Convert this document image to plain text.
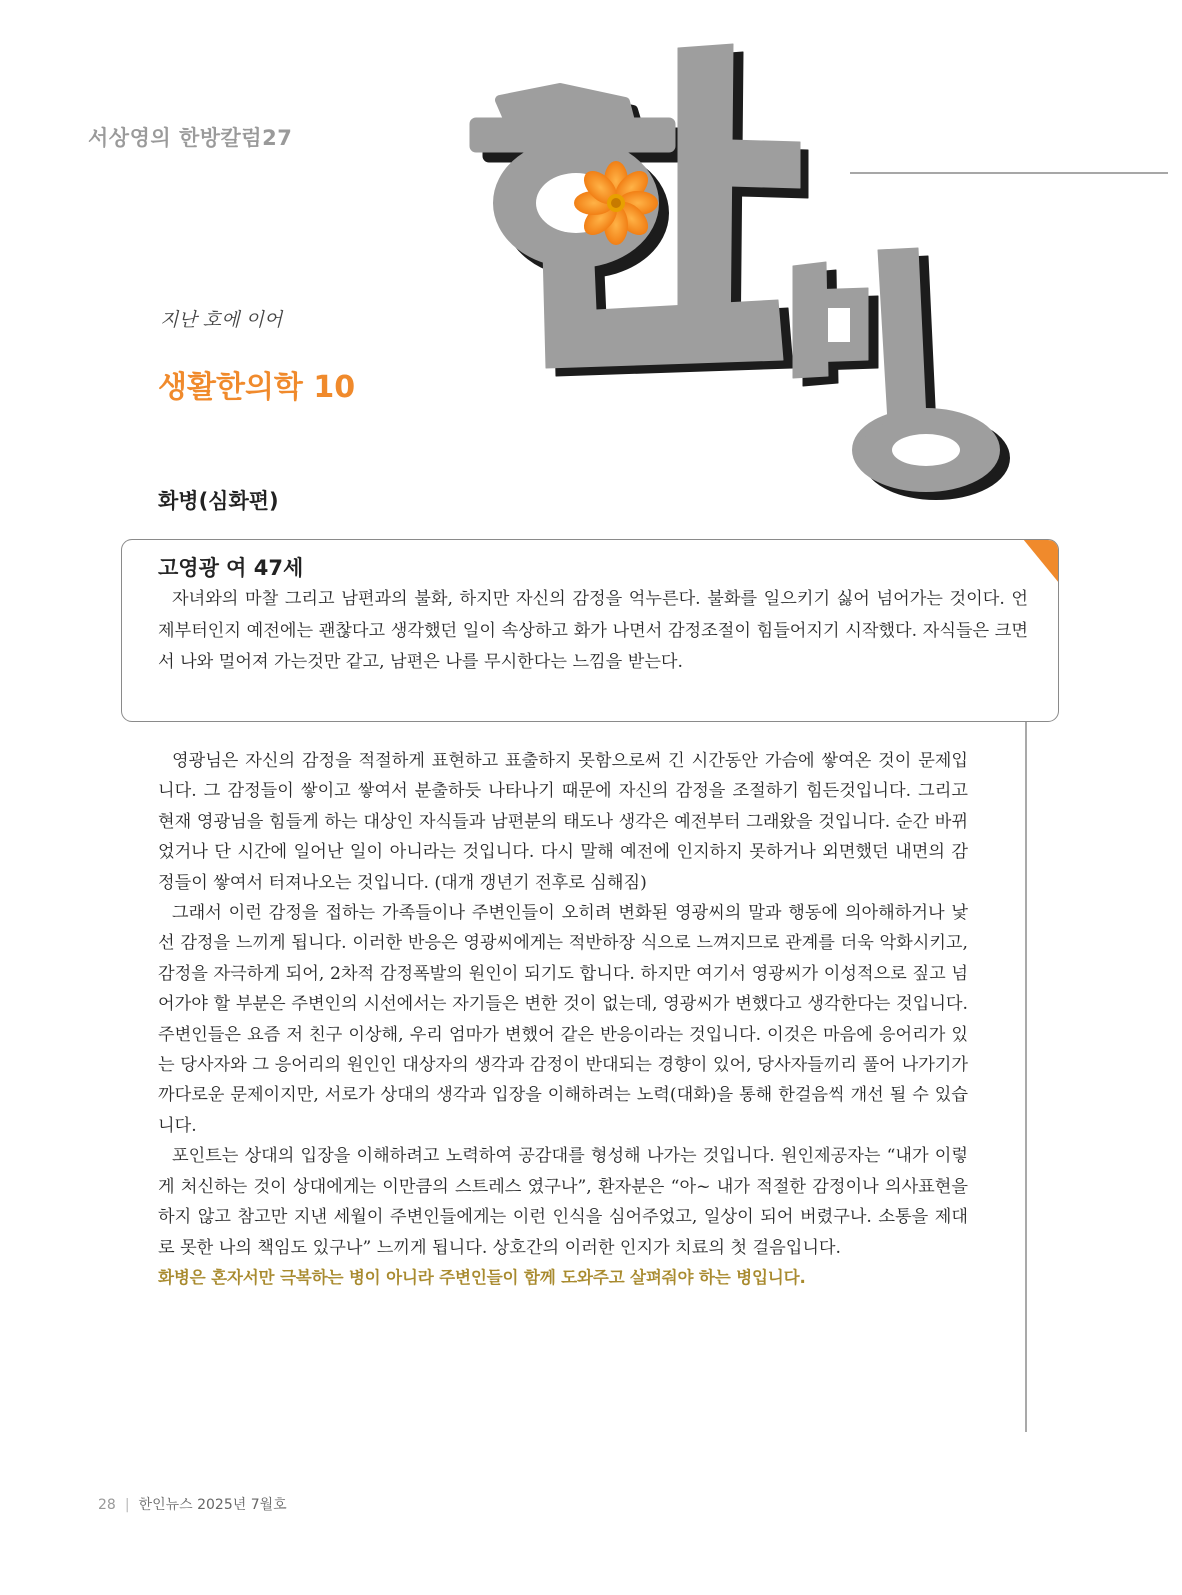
서상영의 한방칼럼27
지난 호에 이어
생활한의학 10
화병(심화편)
고영광 여 47세
자녀와의 마찰 그리고 남편과의 불화, 하지만 자신의 감정을 억누른다. 불화를 일으키기 싫어 넘어가는 것이다. 언제부터인지 예전에는 괜찮다고 생각했던 일이 속상하고 화가 나면서 감정조절이 힘들어지기 시작했다. 자식들은 크면서 나와 멀어져 가는것만 같고, 남편은 나를 무시한다는 느낌을 받는다.

영광님은 자신의 감정을 적절하게 표현하고 표출하지 못함으로써 긴 시간동안 가슴에 쌓여온 것이 문제입니다. 그 감정들이 쌓이고 쌓여서 분출하듯 나타나기 때문에 자신의 감정을 조절하기 힘든것입니다. 그리고 현재 영광님을 힘들게 하는 대상인 자식들과 남편분의 태도나 생각은 예전부터 그래왔을 것입니다. 순간 바뀌었거나 단 시간에 일어난 일이 아니라는 것입니다. 다시 말해 예전에 인지하지 못하거나 외면했던 내면의 감정들이 쌓여서 터져나오는 것입니다. (대개 갱년기 전후로 심해짐)

그래서 이런 감정을 접하는 가족들이나 주변인들이 오히려 변화된 영광씨의 말과 행동에 의아해하거나 낯선 감정을 느끼게 됩니다. 이러한 반응은 영광씨에게는 적반하장 식으로 느껴지므로 관계를 더욱 악화시키고, 감정을 자극하게 되어, 2차적 감정폭발의 원인이 되기도 합니다. 하지만 여기서 영광씨가 이성적으로 짚고 넘어가야 할 부분은 주변인의 시선에서는 자기들은 변한 것이 없는데, 영광씨가 변했다고 생각한다는 것입니다. 주변인들은 요즘 저 친구 이상해, 우리 엄마가 변했어 같은 반응이라는 것입니다. 이것은 마음에 응어리가 있는 당사자와 그 응어리의 원인인 대상자의 생각과 감정이 반대되는 경향이 있어, 당사자들끼리 풀어 나가기가 까다로운 문제이지만, 서로가 상대의 생각과 입장을 이해하려는 노력(대화)을 통해 한걸음씩 개선 될 수 있습니다.

포인트는 상대의 입장을 이해하려고 노력하여 공감대를 형성해 나가는 것입니다. 원인제공자는 “내가 이렇게 처신하는 것이 상대에게는 이만큼의 스트레스 였구나”, 환자분은 “아~ 내가 적절한 감정이나 의사표현을 하지 않고 참고만 지낸 세월이 주변인들에게는 이런 인식을 심어주었고, 일상이 되어 버렸구나. 소통을 제대로 못한 나의 책임도 있구나” 느끼게 됩니다. 상호간의 이러한 인지가 치료의 첫 걸음입니다.

화병은 혼자서만 극복하는 병이 아니라 주변인들이 함께 도와주고 살펴줘야 하는 병입니다.

28 | 한인뉴스 2025년 7월호
